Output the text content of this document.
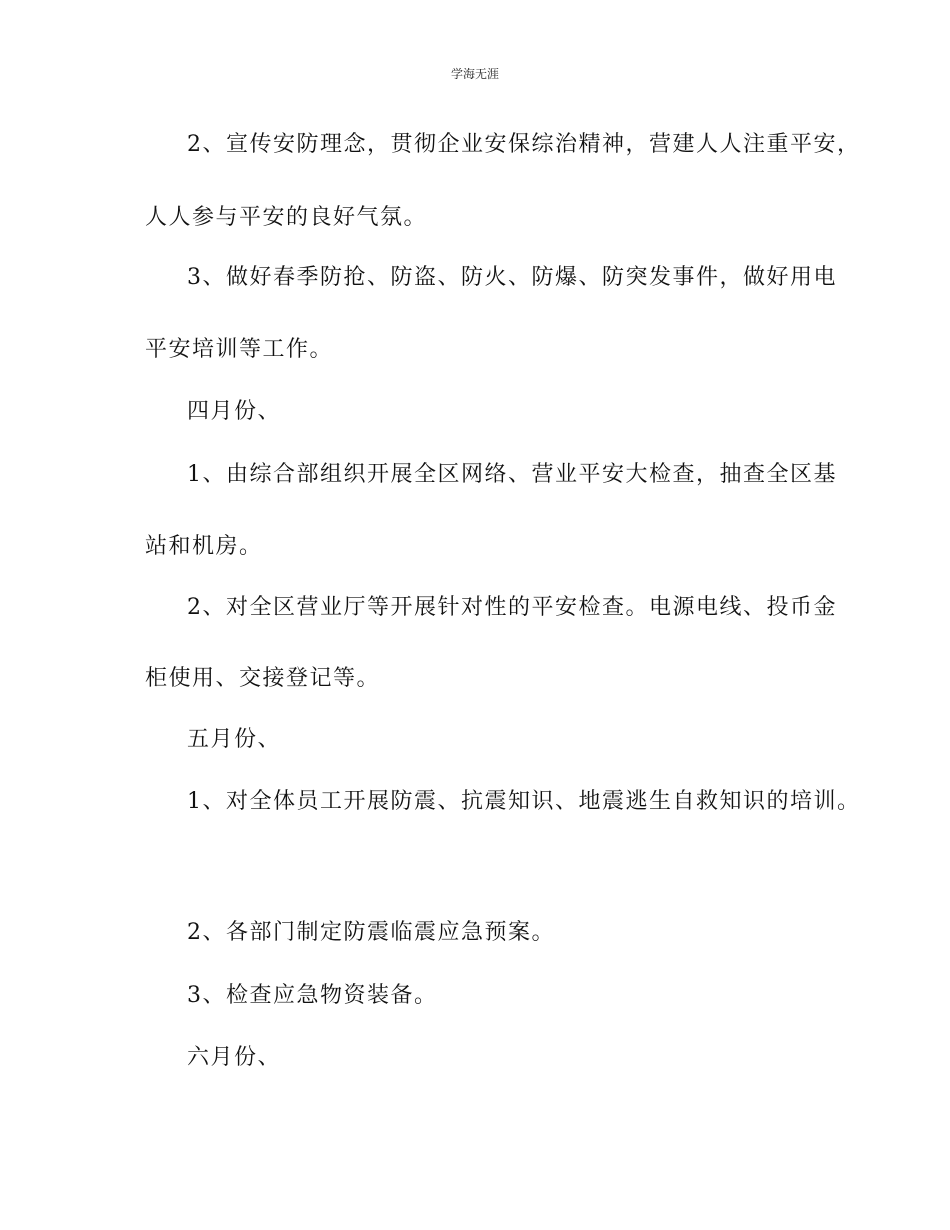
学海无涯
2、宣传安防理念，贯彻企业安保综治精神，营建人人注重平安，
人人参与平安的良好气氛。
3、做好春季防抢、防盗、防火、防爆、防突发事件，做好用电
平安培训等工作。
四月份、
1、由综合部组织开展全区网络、营业平安大检查，抽查全区基
站和机房。
2、对全区营业厅等开展针对性的平安检查。电源电线、投币金
柜使用、交接登记等。
五月份、
1、对全体员工开展防震、抗震知识、地震逃生自救知识的培训。
2、各部门制定防震临震应急预案。
3、检查应急物资装备。
六月份、
